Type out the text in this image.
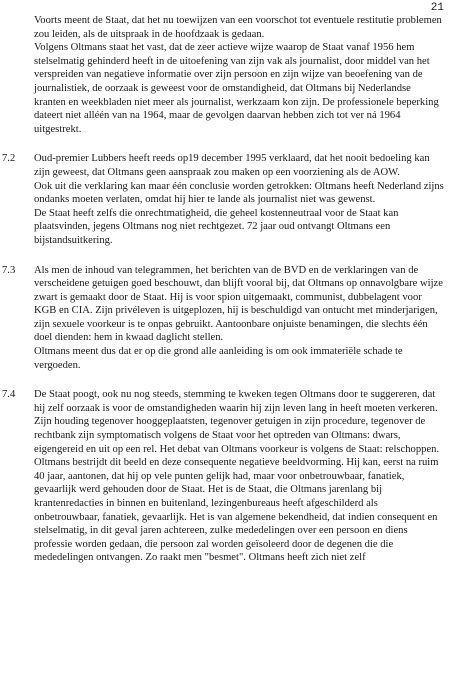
21

Voorts meent de Staat, dat het nu toewijzen van een voorschot tot eventuele restitutie problemen zou leiden, als de uitspraak in de hoofdzaak is gedaan.

Volgens Oltmans staat het vast, dat de zeer actieve wijze waarop de Staat vanaf 1956 hem stelselmatig gehinderd heeft in de uitoefening van zijn vak als journalist, door middel van het verspreiden van negatieve informatie over zijn persoon en zijn wijze van beoefening van de journalistiek, de oorzaak is geweest voor de omstandigheid, dat Oltmans bij Nederlandse kranten en weekbladen niet meer als journalist, werkzaam kon zijn. De professionele beperking dateert niet alléén van na 1964, maar de gevolgen daarvan hebben zich tot ver ná 1964 uitgestrekt.

7.2 Oud-premier Lubbers heeft reeds op19 december 1995 verklaard, dat het nooit bedoeling kan zijn geweest, dat Oltmans geen aanspraak zou maken op een voorziening als de AOW.

Ook uit die verklaring kan maar één conclusie worden getrokken: Oltmans heeft Nederland zijns ondanks moeten verlaten, omdat hij hier te lande als journalist niet was gewenst.

De Staat heeft zelfs die onrechtmatigheid, die geheel kostenneutraal voor de Staat kan plaatsvinden, jegens Oltmans nog niet rechtgezet. 72 jaar oud ontvangt Oltmans een bijstandsuitkering.

7.3 Als men de inhoud van telegrammen, het berichten van de BVD en de verklaringen van de verscheidene getuigen goed beschouwt, dan blijft vooral bij, dat Oltmans op onnavolgbare wijze zwart is gemaakt door de Staat. Hij is voor spion uitgemaakt, communist, dubbelagent voor KGB en CIA. Zijn privéleven is uitgeplozen, hij is beschuldigd van ontucht met minderjarigen, zijn sexuele voorkeur is te onpas gebruikt. Aantoonbare onjuiste benamingen, die slechts één doel dienden: hem in kwaad daglicht stellen.

Oltmans meent dus dat er op die grond alle aanleiding is om ook immateriële schade te vergoeden.

7.4 De Staat poogt, ook nu nog steeds, stemming te kweken tegen Oltmans door te suggereren, dat hij zelf oorzaak is voor de omstandigheden waarin hij zijn leven lang in heeft moeten verkeren. Zijn houding tegenover hooggeplaatsten, tegenover getuigen in zijn procedure, tegenover de rechtbank zijn symptomatisch volgens de Staat voor het optreden van Oltmans: dwars, eigengereid en uit op een rel. Het debat van Oltmans voorkeur is volgens de Staat: relschoppen.

Oltmans bestrijdt dit beeld en deze consequente negatieve beeldvorming. Hij kan, eerst na ruim 40 jaar, aantonen, dat hij op vele punten gelijk had, maar voor onbetrouwbaar, fanatiek, gevaarlijk werd gehouden door de Staat. Het is de Staat, die Oltmans jarenlang bij krantenredacties in binnen en buitenland, lezingenbureaus heeft afgeschilderd als onbetrouwbaar, fanatiek, gevaarlijk. Het is van algemene bekendheid, dat indien consequent en stelselmatig, in dit geval jaren achtereen, zulke mededelingen over een persoon en diens professie worden gedaan, die persoon zal worden geïsoleerd door de degenen die die mededelingen ontvangen. Zo raakt men "besmet". Oltmans heeft zich niet zelf
